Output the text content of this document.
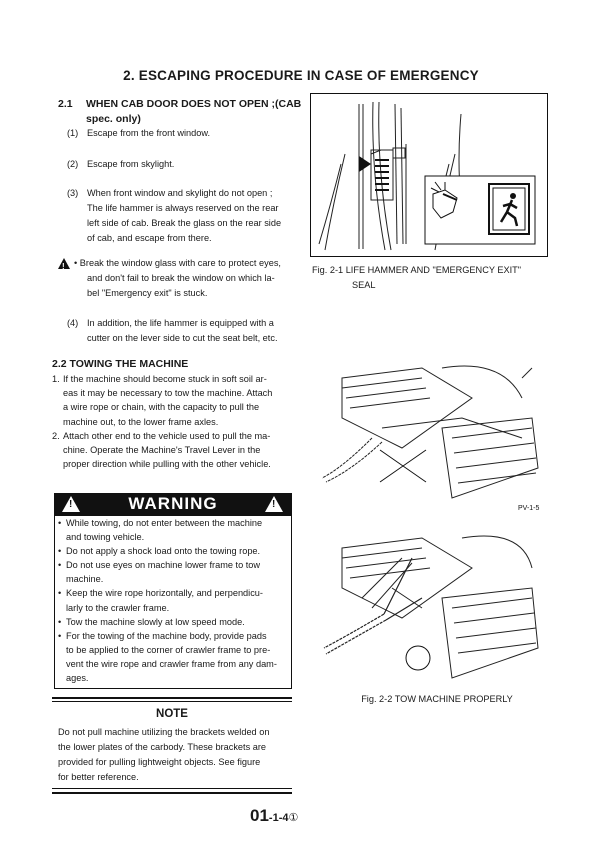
2. ESCAPING PROCEDURE IN CASE OF EMERGENCY
2.1 WHEN CAB DOOR DOES NOT OPEN ;(CAB
spec. only)
(1) Escape from the front window.
(2) Escape from skylight.
(3) When front window and skylight do not open ;
The life hammer is always reserved on the rear
left side of cab. Break the glass on the rear side
of cab, and escape from there.
!
• Break the window glass with care to protect eyes,
and don't fail to break the window on which la-
bel "Emergency exit" is stuck.
(4) In addition, the life hammer is equipped with a
cutter on the lever side to cut the seat belt, etc.
2.2 TOWING THE MACHINE
1. If the machine should become stuck in soft soil ar-
eas it may be necessary to tow the machine. Attach
a wire rope or chain, with the capacity to pull the
machine out, to the lower frame axles.
2. Attach other end to the vehicle used to pull the ma-
chine. Operate the Machine's Travel Lever in the
proper direction while pulling with the other vehicle.
!
WARNING
!
• While towing, do not enter between the machine
and towing vehicle.
• Do not apply a shock load onto the towing rope.
• Do not use eyes on machine lower frame to tow
machine.
• Keep the wire rope horizontally, and perpendicu-
larly to the crawler frame.
• Tow the machine slowly at low speed mode.
• For the towing of the machine body, provide pads
to be applied to the corner of crawler frame to pre-
vent the wire rope and crawler frame from any dam-
ages.
NOTE
Do not pull machine utilizing the brackets welded on
the lower plates of the carbody. These brackets are
provided for pulling lightweight objects. See figure
for better reference.
Fig. 2-1 LIFE HAMMER AND "EMERGENCY EXIT"
SEAL
PV-1-5
Fig. 2-2 TOW MACHINE PROPERLY
01-1-4①
